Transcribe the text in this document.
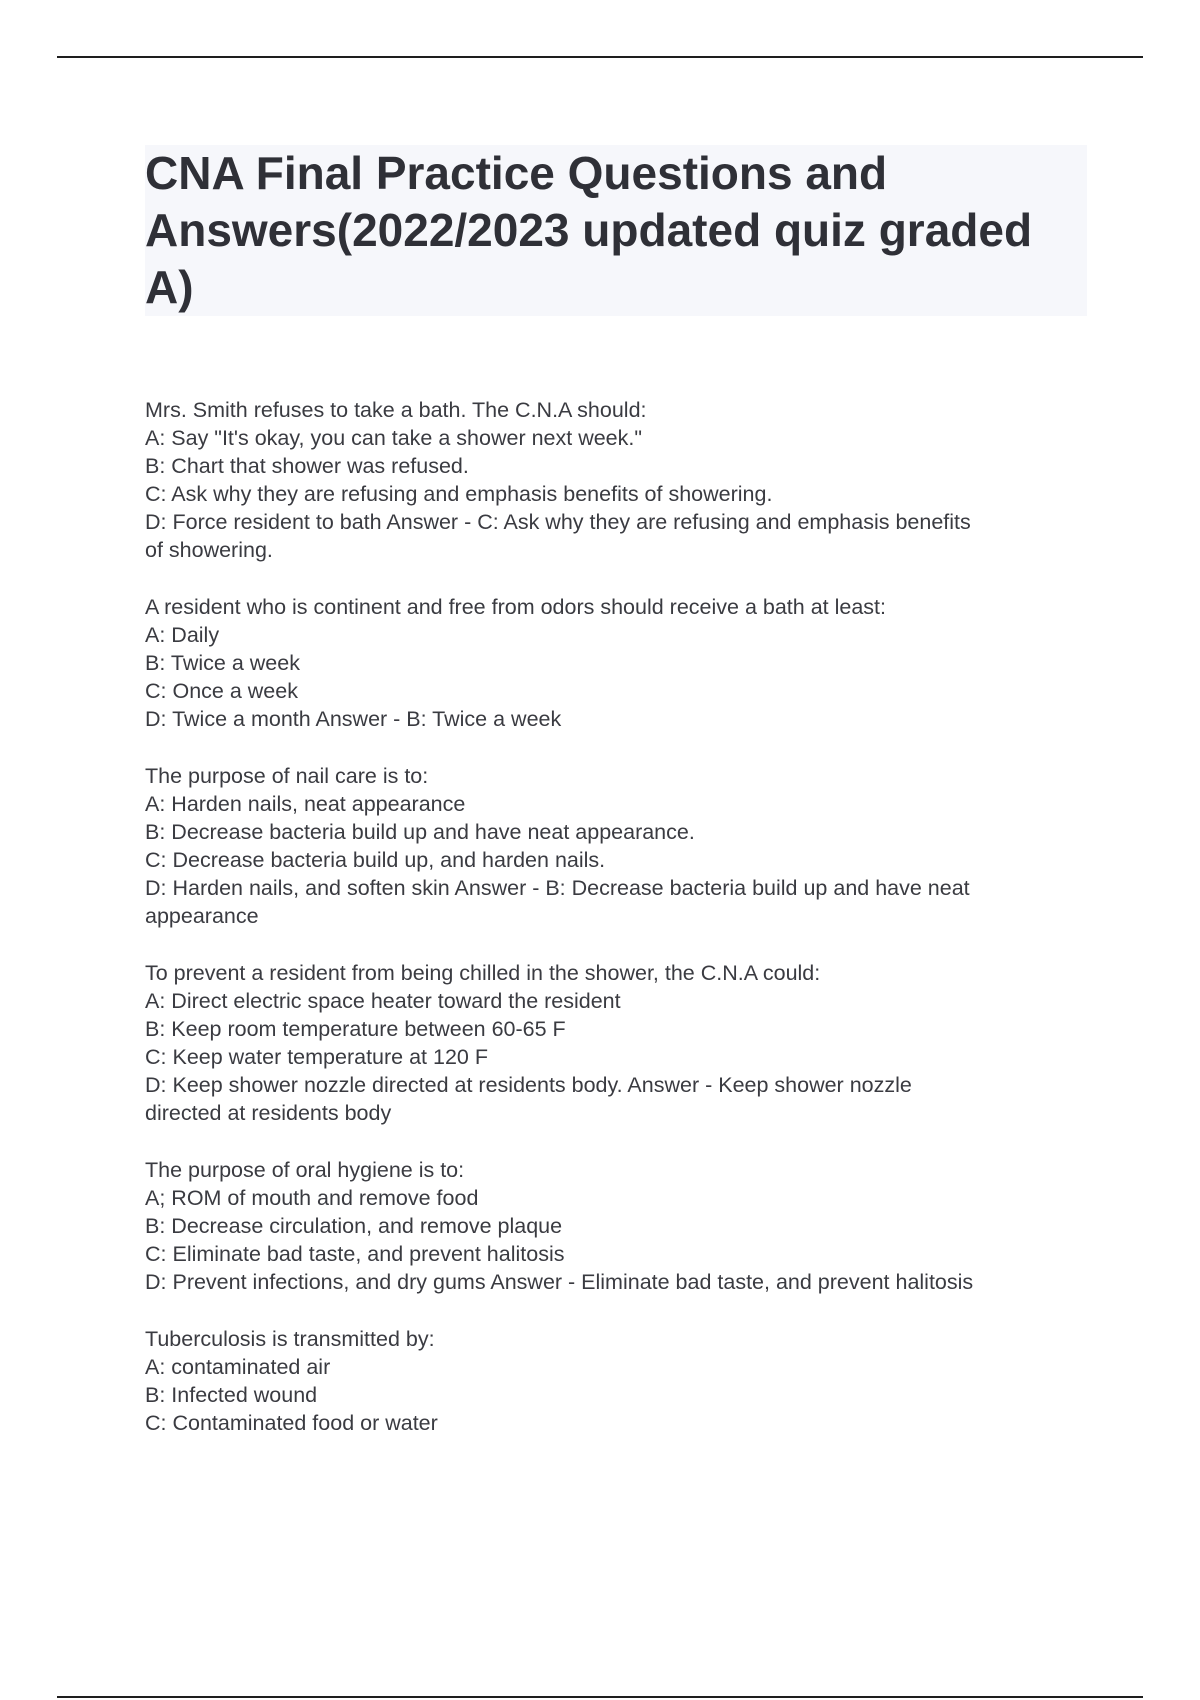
CNA Final Practice Questions and
Answers(2022/2023 updated quiz graded
A)
Mrs. Smith refuses to take a bath. The C.N.A should:
A: Say "It's okay, you can take a shower next week."
B: Chart that shower was refused.
C: Ask why they are refusing and emphasis benefits of showering.
D: Force resident to bath Answer - C: Ask why they are refusing and emphasis benefits
of showering.
A resident who is continent and free from odors should receive a bath at least:
A: Daily
B: Twice a week
C: Once a week
D: Twice a month Answer - B: Twice a week
The purpose of nail care is to:
A: Harden nails, neat appearance
B: Decrease bacteria build up and have neat appearance.
C: Decrease bacteria build up, and harden nails.
D: Harden nails, and soften skin Answer - B: Decrease bacteria build up and have neat
appearance
To prevent a resident from being chilled in the shower, the C.N.A could:
A: Direct electric space heater toward the resident
B: Keep room temperature between 60-65 F
C: Keep water temperature at 120 F
D: Keep shower nozzle directed at residents body. Answer - Keep shower nozzle
directed at residents body
The purpose of oral hygiene is to:
A; ROM of mouth and remove food
B: Decrease circulation, and remove plaque
C: Eliminate bad taste, and prevent halitosis
D: Prevent infections, and dry gums Answer - Eliminate bad taste, and prevent halitosis
Tuberculosis is transmitted by:
A: contaminated air
B: Infected wound
C: Contaminated food or water
